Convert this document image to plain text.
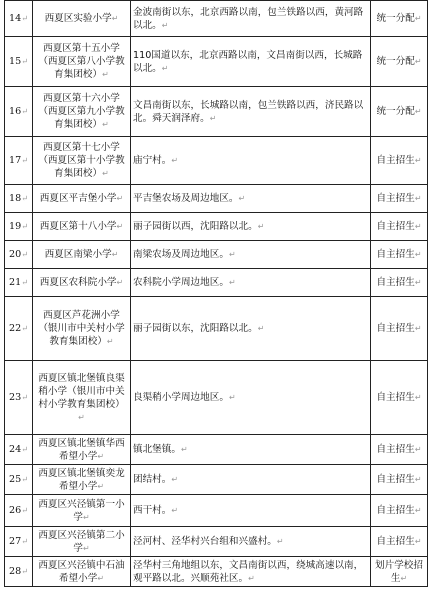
14↵	西夏区实验小学↵	金波南街以东，北京西路以南，包兰铁路以西，黄河路以北。↵	统一分配↵
15↵	西夏区第十五小学（西夏区第八小学教育集团校）↵	110国道以东，北京西路以南，文昌南街以西，长城路以北。↵	统一分配↵
16↵	西夏区第十六小学（西夏区第九小学教育集团校）↵	文昌南街以东，长城路以南，包兰铁路以西，济民路以北。舜天润泽府。↵	统一分配↵
17↵	西夏区第十七小学（西夏区第十小学教育集团校）↵	庙宁村。↵	自主招生↵
18↵	西夏区平吉堡小学↵	平吉堡农场及周边地区。↵	自主招生↵
19↵	西夏区第十八小学↵	丽子园街以西，沈阳路以北。↵	自主招生↵
20↵	西夏区南梁小学↵	南梁农场及周边地区。↵	自主招生↵
21↵	西夏区农科院小学↵	农科院小学周边地区。↵	自主招生↵
22↵	西夏区芦花洲小学（银川市中关村小学教育集团校）↵	丽子园街以东，沈阳路以北。↵	自主招生↵
23↵	西夏区镇北堡镇良渠稍小学（银川市中关村小学教育集团校）↵	良渠稍小学周边地区。↵	自主招生↵
24↵	西夏区镇北堡镇华西希望小学↵	镇北堡镇。↵	自主招生↵
25↵	西夏区镇北堡镇奕龙希望小学↵	团结村。↵	自主招生↵
26↵	西夏区兴泾镇第一小学↵	西干村。↵	自主招生↵
27↵	西夏区兴泾镇第二小学↵	泾河村、泾华村兴台组和兴盛村。↵	自主招生↵
28↵	西夏区兴泾镇中石油希望小学↵	泾华村三角地组以东，文昌南街以西，绕城高速以南，观平路以北。兴顺苑社区。↵	划片学校招生↵
